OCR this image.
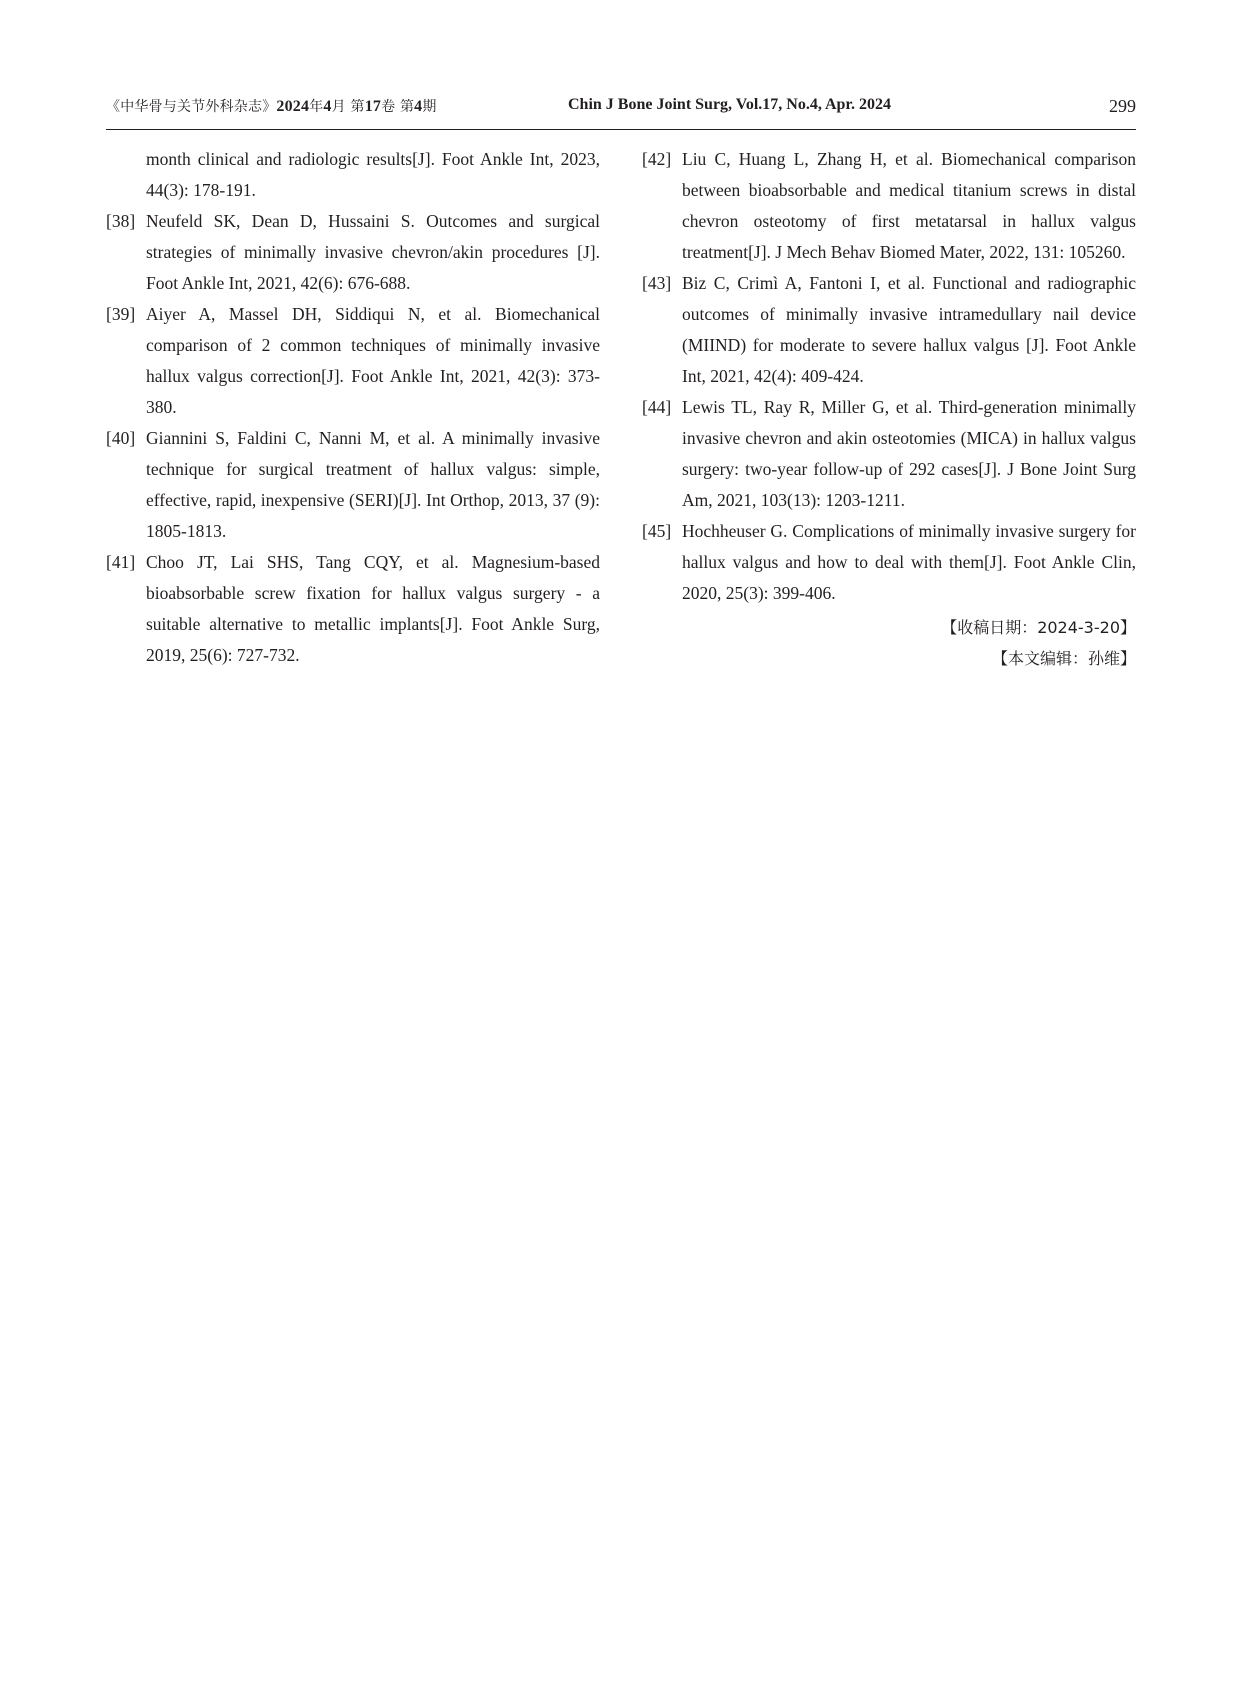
《中华骨与关节外科杂志》2024年4月 第17卷 第4期	Chin J Bone Joint Surg, Vol.17, No.4, Apr. 2024	299
month clinical and radiologic results[J]. Foot Ankle Int, 2023, 44(3): 178-191.
[38] Neufeld SK, Dean D, Hussaini S. Outcomes and surgical strategies of minimally invasive chevron/akin procedures [J]. Foot Ankle Int, 2021, 42(6): 676-688.
[39] Aiyer A, Massel DH, Siddiqui N, et al. Biomechanical comparison of 2 common techniques of minimally invasive hallux valgus correction[J]. Foot Ankle Int, 2021, 42(3): 373-380.
[40] Giannini S, Faldini C, Nanni M, et al. A minimally invasive technique for surgical treatment of hallux valgus: simple, effective, rapid, inexpensive (SERI)[J]. Int Orthop, 2013, 37 (9): 1805-1813.
[41] Choo JT, Lai SHS, Tang CQY, et al. Magnesium-based bioabsorbable screw fixation for hallux valgus surgery - a suitable alternative to metallic implants[J]. Foot Ankle Surg, 2019, 25(6): 727-732.
[42] Liu C, Huang L, Zhang H, et al. Biomechanical comparison between bioabsorbable and medical titanium screws in distal chevron osteotomy of first metatarsal in hallux valgus treatment[J]. J Mech Behav Biomed Mater, 2022, 131: 105260.
[43] Biz C, Crimì A, Fantoni I, et al. Functional and radiographic outcomes of minimally invasive intramedullary nail device (MIIND) for moderate to severe hallux valgus [J]. Foot Ankle Int, 2021, 42(4): 409-424.
[44] Lewis TL, Ray R, Miller G, et al. Third-generation minimally invasive chevron and akin osteotomies (MICA) in hallux valgus surgery: two-year follow-up of 292 cases[J]. J Bone Joint Surg Am, 2021, 103(13): 1203-1211.
[45] Hochheuser G. Complications of minimally invasive surgery for hallux valgus and how to deal with them[J]. Foot Ankle Clin, 2020, 25(3): 399-406.
【收稿日期：2024-3-20】
【本文编辑：孙维】
